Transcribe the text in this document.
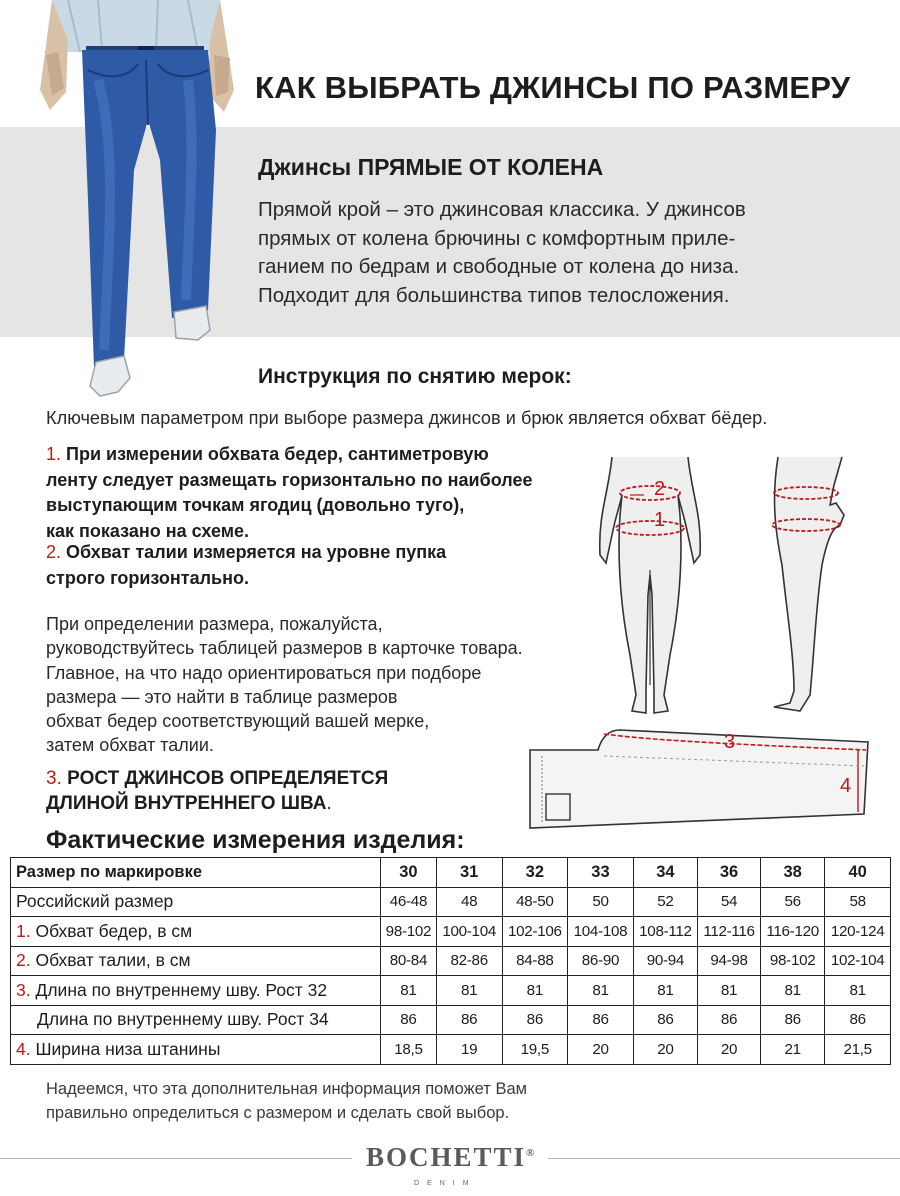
КАК ВЫБРАТЬ ДЖИНСЫ ПО РАЗМЕРУ
Джинсы ПРЯМЫЕ ОТ КОЛЕНА
Прямой крой – это джинсовая классика. У джинсов
прямых от колена брючины с комфортным приле-
ганием по бедрам и свободные от колена до низа.
Подходит для большинства типов телосложения.
Инструкция по снятию мерок:
Ключевым параметром при выборе размера джинсов и брюк является обхват бёдер.
1. При измерении обхвата бедер, сантиметровую
ленту следует размещать горизонтально по наиболее
выступающим точкам ягодиц (довольно туго),
как показано на схеме.
2. Обхват талии измеряется на уровне пупка
строго горизонтально.
При определении размера, пожалуйста,
руководствуйтесь таблицей размеров в карточке товара.
Главное, на что надо ориентироваться при подборе
размера — это найти в таблице размеров
обхват бедер соответствующий вашей мерке,
затем обхват талии.
3. РОСТ ДЖИНСОВ ОПРЕДЕЛЯЕТСЯ
ДЛИНОЙ ВНУТРЕННЕГО ШВА.
2
1
3
4
Фактические измерения изделия:
Размер по маркировке	30	31	32	33	34	36	38	40
Российский размер	46-48	48	48-50	50	52	54	56	58
1. Обхват бедер, в см	98-102	100-104	102-106	104-108	108-112	112-116	116-120	120-124
2. Обхват талии, в см	80-84	82-86	84-88	86-90	90-94	94-98	98-102	102-104
3. Длина по внутреннему шву. Рост 32	81	81	81	81	81	81	81	81
Длина по внутреннему шву. Рост 34	86	86	86	86	86	86	86	86
4. Ширина низа штанины	18,5	19	19,5	20	20	20	21	21,5
Надеемся, что эта дополнительная информация поможет Вам
правильно определиться с размером и сделать свой выбор.
BOCHETTI®
DENIM
